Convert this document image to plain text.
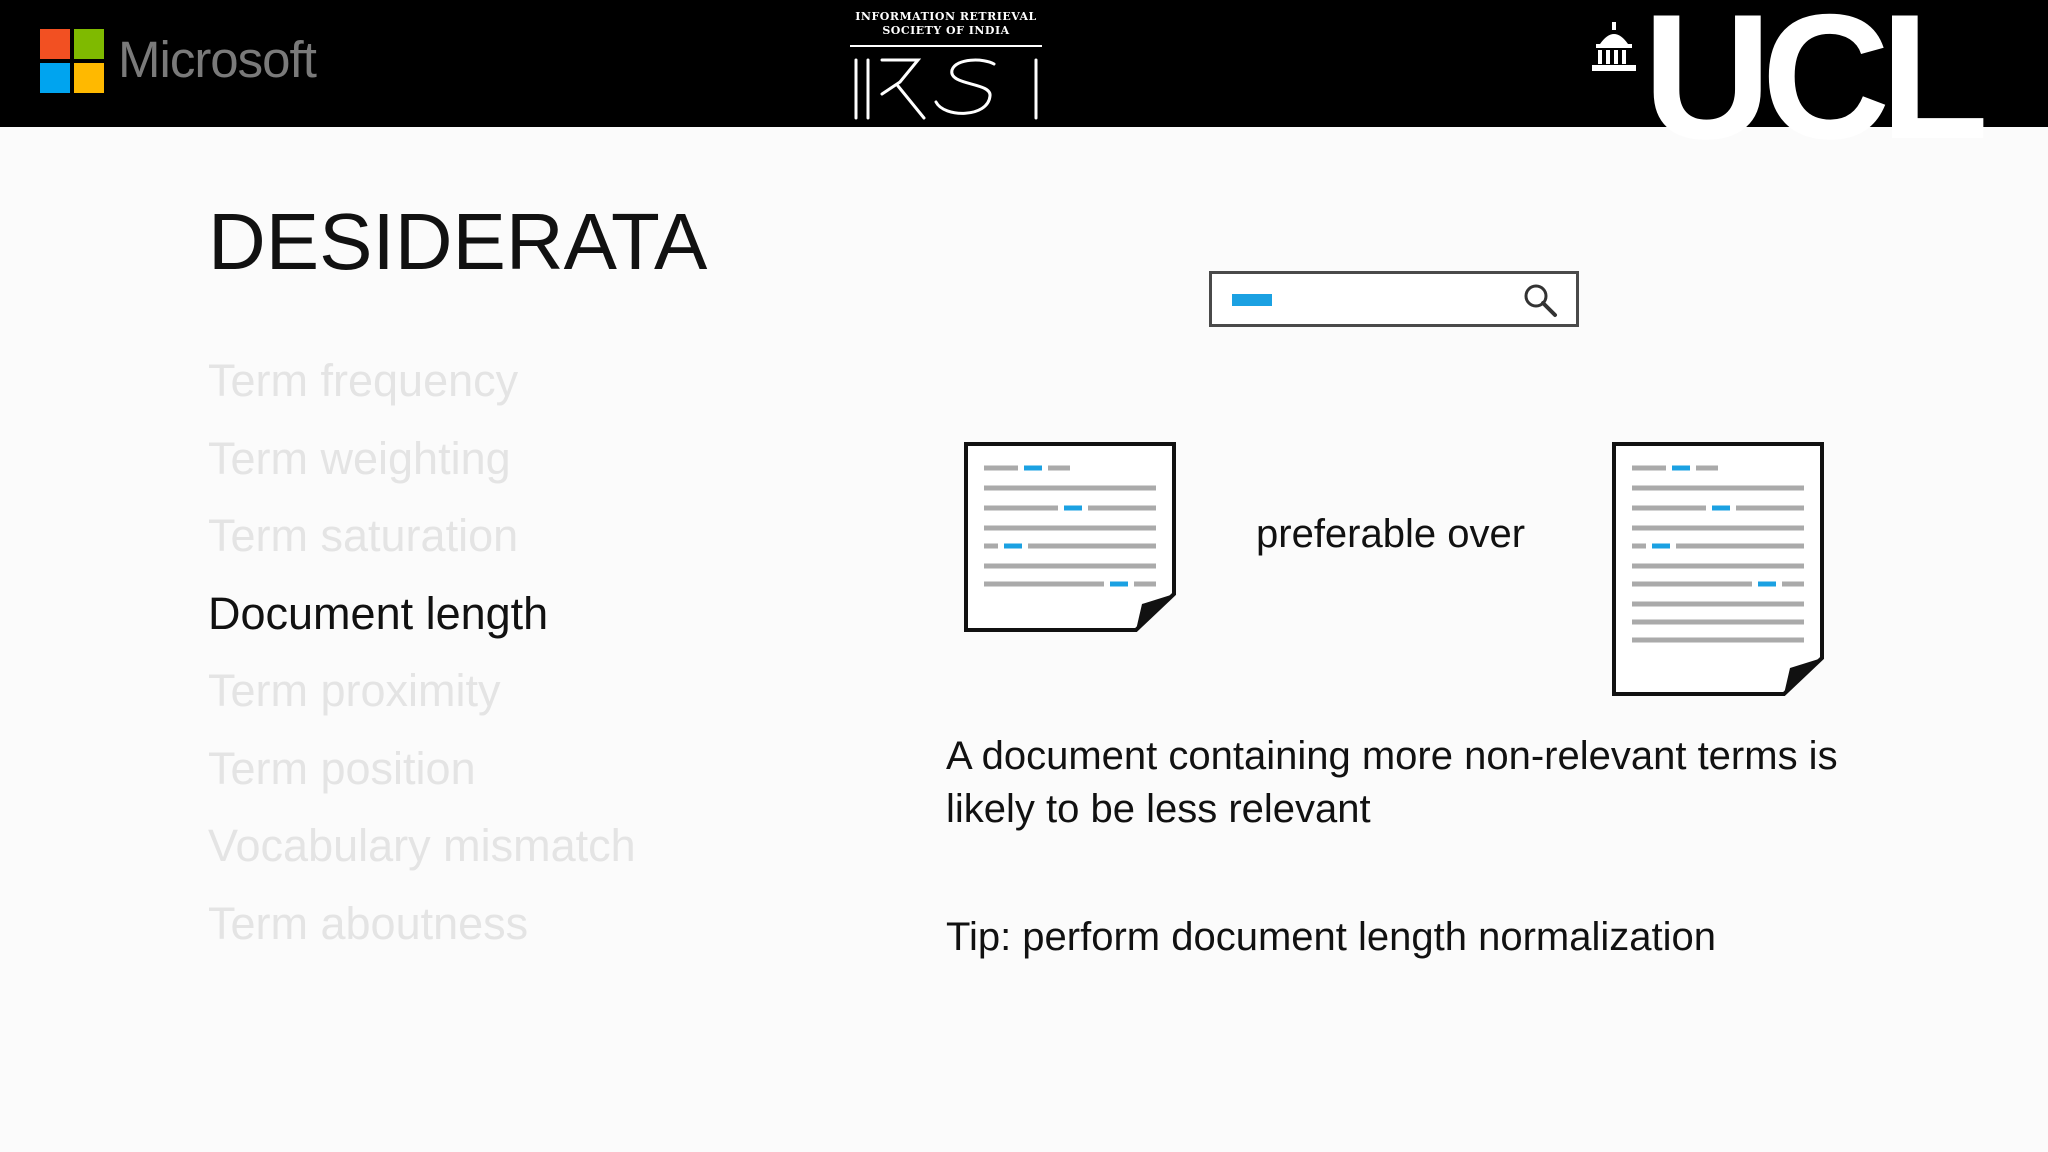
Microsoft
INFORMATION RETRIEVAL
SOCIETY OF INDIA	UCL
DESIDERATA
Term frequency
Term weighting
Term saturation
Document length
Term proximity
Term position
Vocabulary mismatch
Term aboutness
preferable over
A document containing more non-relevant terms is likely to be less relevant
Tip: perform document length normalization
